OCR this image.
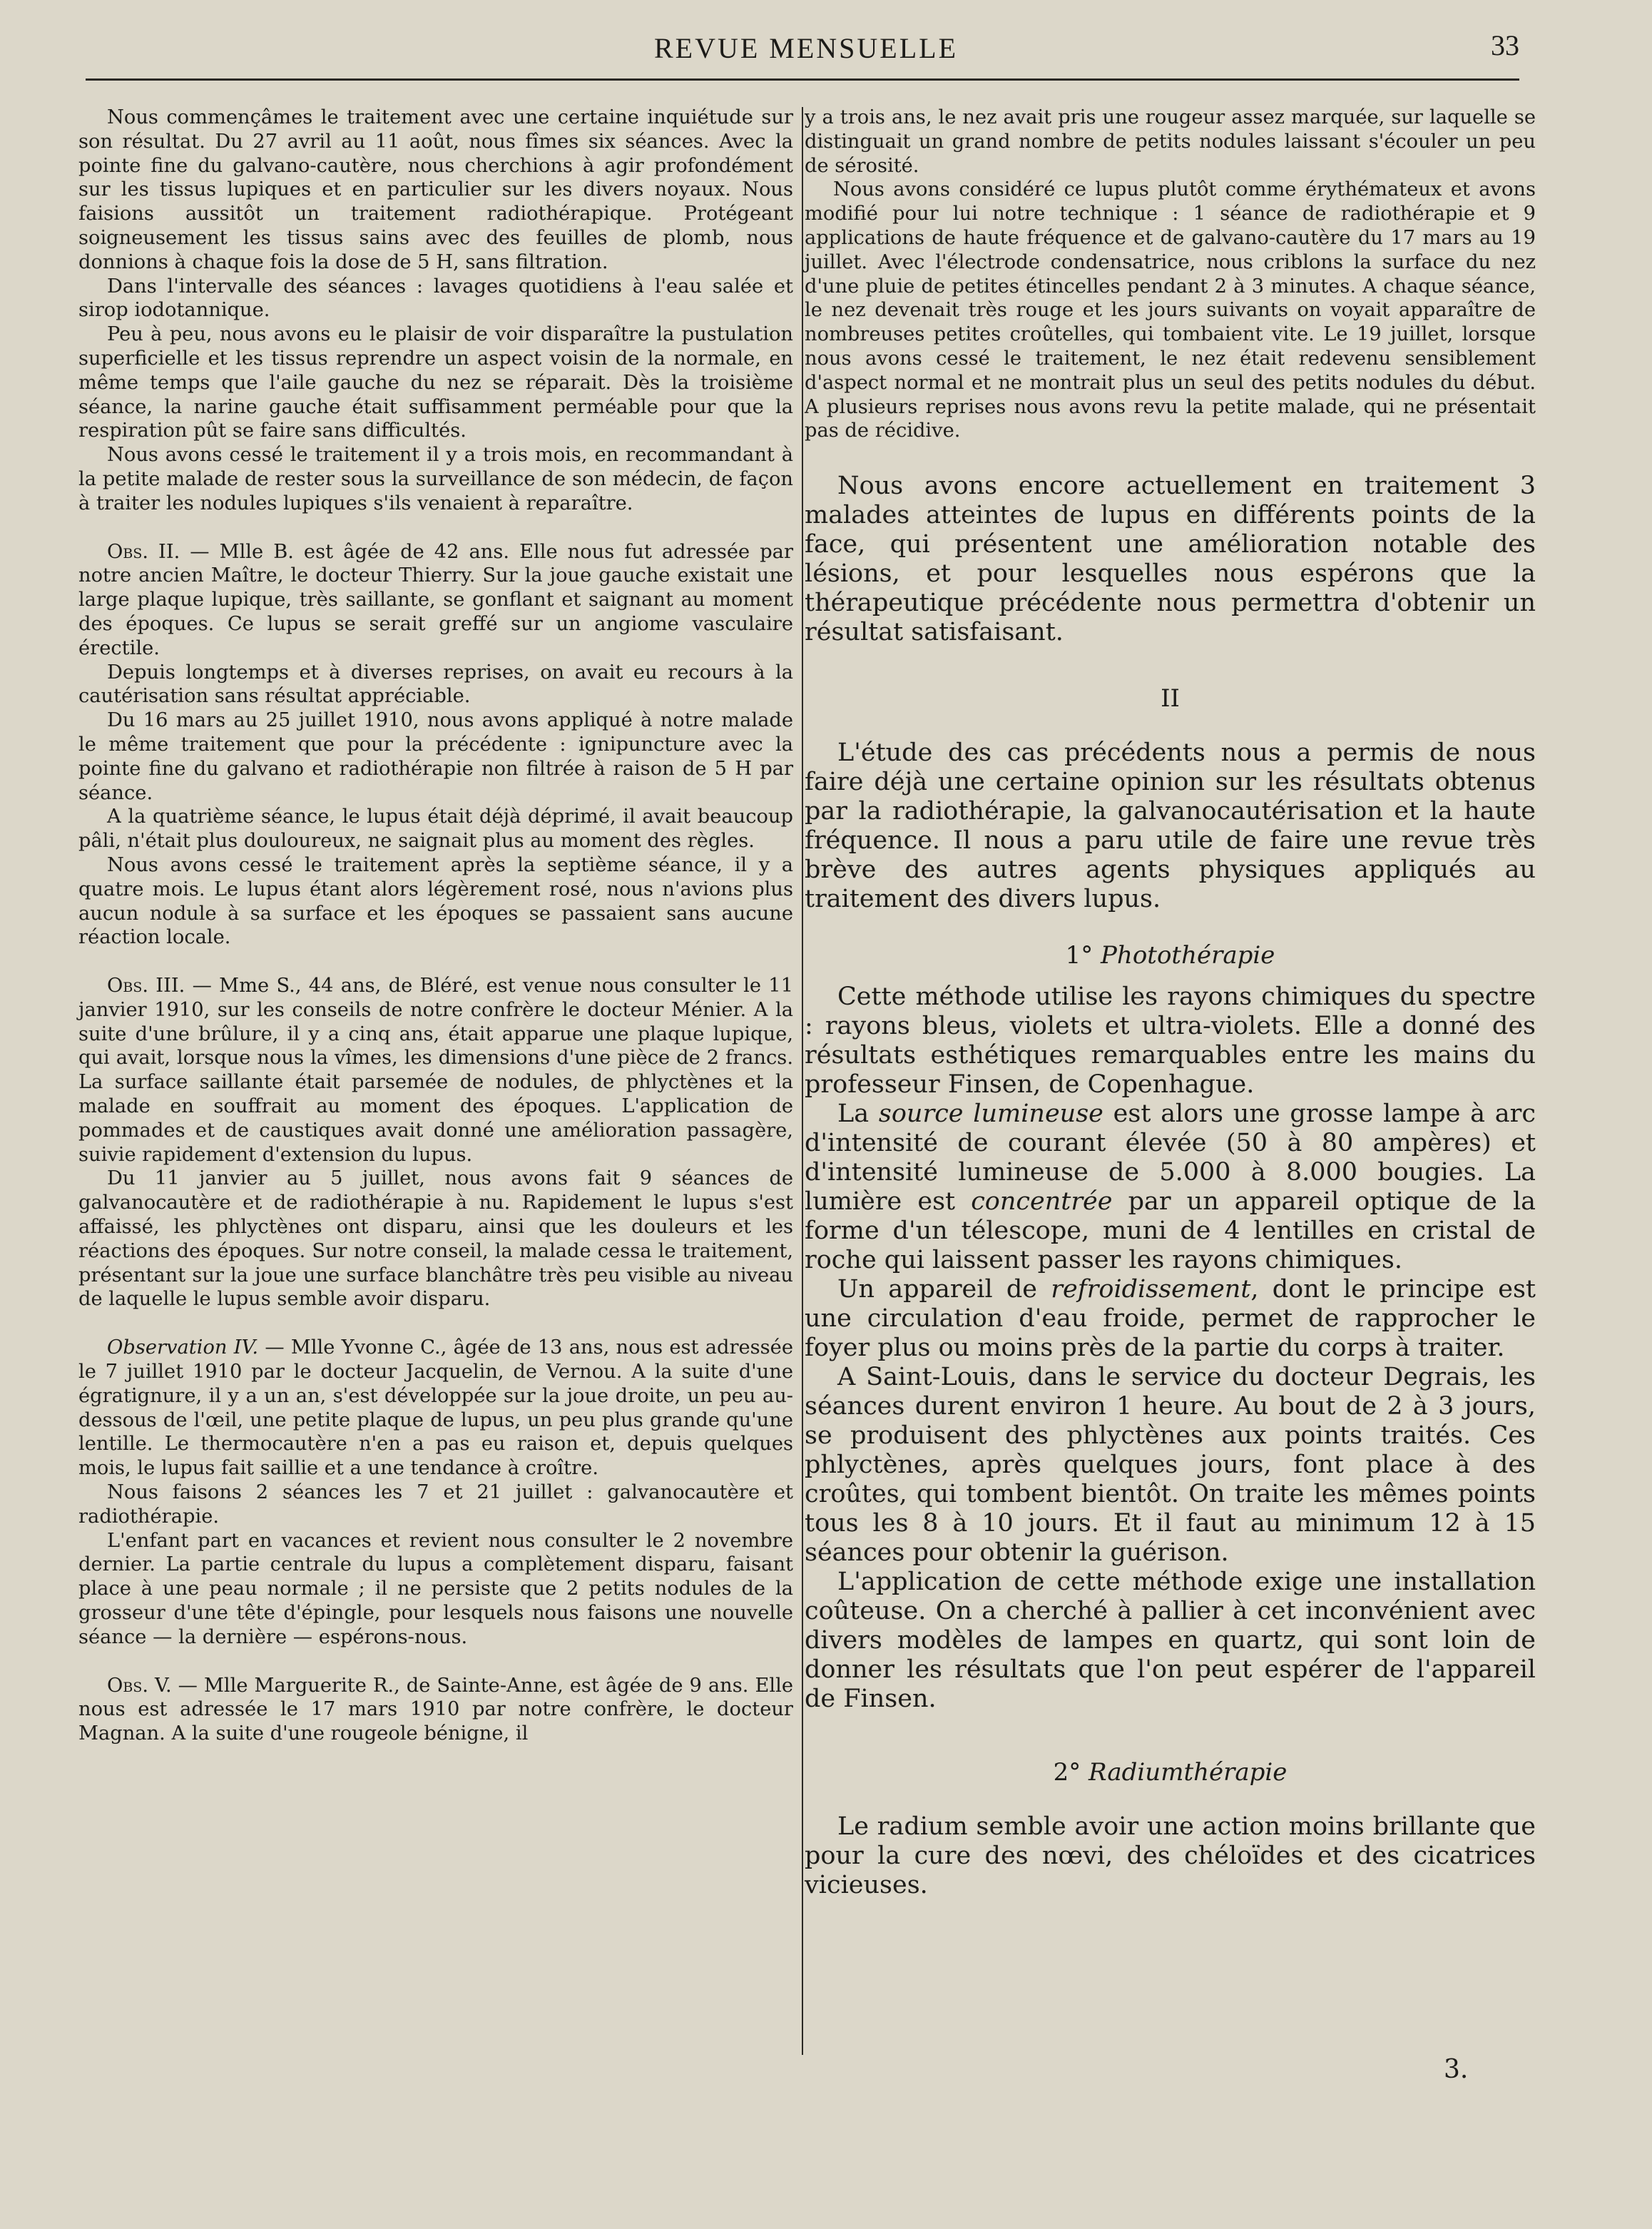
REVUE MENSUELLE	33

Nous commençâmes le traitement avec une certaine inquiétude sur son résultat. Du 27 avril au 11 août, nous fîmes six séances. Avec la pointe fine du galvano-cautère, nous cherchions à agir profondément sur les tissus lupiques et en particulier sur les divers noyaux. Nous faisions aussitôt un traitement radiothérapique. Protégeant soigneusement les tissus sains avec des feuilles de plomb, nous donnions à chaque fois la dose de 5 H, sans filtration.

Dans l'intervalle des séances : lavages quotidiens à l'eau salée et sirop iodotannique.

Peu à peu, nous avons eu le plaisir de voir disparaître la pustulation superficielle et les tissus reprendre un aspect voisin de la normale, en même temps que l'aile gauche du nez se réparait. Dès la troisième séance, la narine gauche était suffisamment perméable pour que la respiration pût se faire sans difficultés.

Nous avons cessé le traitement il y a trois mois, en recommandant à la petite malade de rester sous la surveillance de son médecin, de façon à traiter les nodules lupiques s'ils venaient à reparaître.

Obs. II. — Mlle B. est âgée de 42 ans. Elle nous fut adressée par notre ancien Maître, le docteur Thierry. Sur la joue gauche existait une large plaque lupique, très saillante, se gonflant et saignant au moment des époques. Ce lupus se serait greffé sur un angiome vasculaire érectile.

Depuis longtemps et à diverses reprises, on avait eu recours à la cautérisation sans résultat appréciable.

Du 16 mars au 25 juillet 1910, nous avons appliqué à notre malade le même traitement que pour la précédente : ignipuncture avec la pointe fine du galvano et radiothérapie non filtrée à raison de 5 H par séance.

A la quatrième séance, le lupus était déjà déprimé, il avait beaucoup pâli, n'était plus douloureux, ne saignait plus au moment des règles.

Nous avons cessé le traitement après la septième séance, il y a quatre mois. Le lupus étant alors légèrement rosé, nous n'avions plus aucun nodule à sa surface et les époques se passaient sans aucune réaction locale.

Obs. III. — Mme S., 44 ans, de Bléré, est venue nous consulter le 11 janvier 1910, sur les conseils de notre confrère le docteur Ménier. A la suite d'une brûlure, il y a cinq ans, était apparue une plaque lupique, qui avait, lorsque nous la vîmes, les dimensions d'une pièce de 2 francs. La surface saillante était parsemée de nodules, de phlyctènes et la malade en souffrait au moment des époques. L'application de pommades et de caustiques avait donné une amélioration passagère, suivie rapidement d'extension du lupus.

Du 11 janvier au 5 juillet, nous avons fait 9 séances de galvanocautère et de radiothérapie à nu. Rapidement le lupus s'est affaissé, les phlyctènes ont disparu, ainsi que les douleurs et les réactions des époques. Sur notre conseil, la malade cessa le traitement, présentant sur la joue une surface blanchâtre très peu visible au niveau de laquelle le lupus semble avoir disparu.

Observation IV. — Mlle Yvonne C., âgée de 13 ans, nous est adressée le 7 juillet 1910 par le docteur Jacquelin, de Vernou. A la suite d'une égratignure, il y a un an, s'est développée sur la joue droite, un peu au-dessous de l'œil, une petite plaque de lupus, un peu plus grande qu'une lentille. Le thermocautère n'en a pas eu raison et, depuis quelques mois, le lupus fait saillie et a une tendance à croître.

Nous faisons 2 séances les 7 et 21 juillet : galvanocautère et radiothérapie.

L'enfant part en vacances et revient nous consulter le 2 novembre dernier. La partie centrale du lupus a complètement disparu, faisant place à une peau normale ; il ne persiste que 2 petits nodules de la grosseur d'une tête d'épingle, pour lesquels nous faisons une nouvelle séance — la dernière — espérons-nous.

Obs. V. — Mlle Marguerite R., de Sainte-Anne, est âgée de 9 ans. Elle nous est adressée le 17 mars 1910 par notre confrère, le docteur Magnan. A la suite d'une rougeole bénigne, il

y a trois ans, le nez avait pris une rougeur assez marquée, sur laquelle se distinguait un grand nombre de petits nodules laissant s'écouler un peu de sérosité.

Nous avons considéré ce lupus plutôt comme érythémateux et avons modifié pour lui notre technique : 1 séance de radiothérapie et 9 applications de haute fréquence et de galvano-cautère du 17 mars au 19 juillet. Avec l'électrode condensatrice, nous criblons la surface du nez d'une pluie de petites étincelles pendant 2 à 3 minutes. A chaque séance, le nez devenait très rouge et les jours suivants on voyait apparaître de nombreuses petites croûtelles, qui tombaient vite. Le 19 juillet, lorsque nous avons cessé le traitement, le nez était redevenu sensiblement d'aspect normal et ne montrait plus un seul des petits nodules du début. A plusieurs reprises nous avons revu la petite malade, qui ne présentait pas de récidive.

Nous avons encore actuellement en traitement 3 malades atteintes de lupus en différents points de la face, qui présentent une amélioration notable des lésions, et pour lesquelles nous espérons que la thérapeutique précédente nous permettra d'obtenir un résultat satisfaisant.

II

L'étude des cas précédents nous a permis de nous faire déjà une certaine opinion sur les résultats obtenus par la radiothérapie, la galvanocautérisation et la haute fréquence. Il nous a paru utile de faire une revue très brève des autres agents physiques appliqués au traitement des divers lupus.

1° Photothérapie

Cette méthode utilise les rayons chimiques du spectre : rayons bleus, violets et ultra-violets. Elle a donné des résultats esthétiques remarquables entre les mains du professeur Finsen, de Copenhague.

La source lumineuse est alors une grosse lampe à arc d'intensité de courant élevée (50 à 80 ampères) et d'intensité lumineuse de 5.000 à 8.000 bougies. La lumière est concentrée par un appareil optique de la forme d'un télescope, muni de 4 lentilles en cristal de roche qui laissent passer les rayons chimiques.

Un appareil de refroidissement, dont le principe est une circulation d'eau froide, permet de rapprocher le foyer plus ou moins près de la partie du corps à traiter.

A Saint-Louis, dans le service du docteur Degrais, les séances durent environ 1 heure. Au bout de 2 à 3 jours, se produisent des phlyctènes aux points traités. Ces phlyctènes, après quelques jours, font place à des croûtes, qui tombent bientôt. On traite les mêmes points tous les 8 à 10 jours. Et il faut au minimum 12 à 15 séances pour obtenir la guérison.

L'application de cette méthode exige une installation coûteuse. On a cherché à pallier à cet inconvénient avec divers modèles de lampes en quartz, qui sont loin de donner les résultats que l'on peut espérer de l'appareil de Finsen.

2° Radiumthérapie

Le radium semble avoir une action moins brillante que pour la cure des nœvi, des chéloïdes et des cicatrices vicieuses.

3.
